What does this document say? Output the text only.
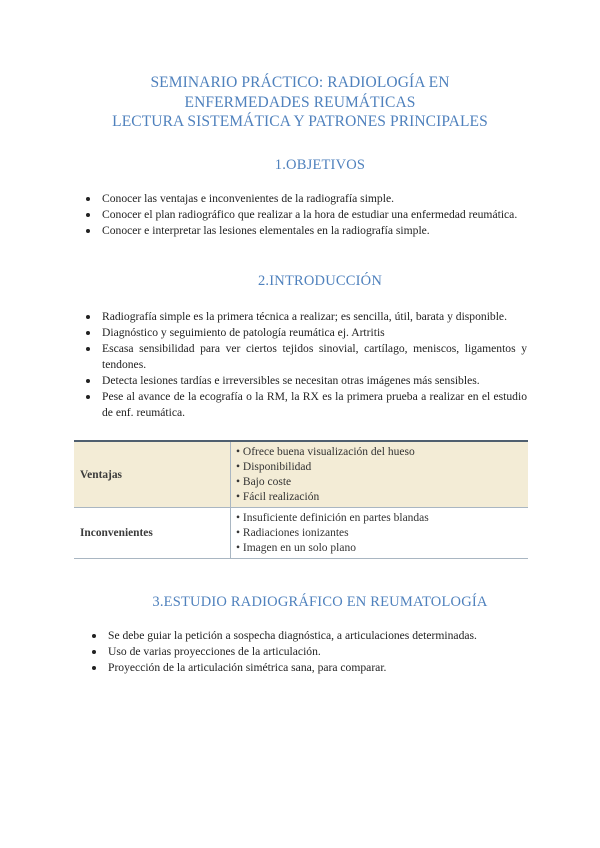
SEMINARIO PRÁCTICO: RADIOLOGÍA EN
ENFERMEDADES REUMÁTICAS
LECTURA SISTEMÁTICA Y PATRONES PRINCIPALES
1.OBJETIVOS
Conocer las ventajas e inconvenientes de la radiografía simple.
Conocer el plan radiográfico que realizar a la hora de estudiar una enfermedad reumática.
Conocer e interpretar las lesiones elementales en la radiografía simple.
2.INTRODUCCIÓN
Radiografía simple es la primera técnica a realizar; es sencilla, útil, barata y disponible.
Diagnóstico y seguimiento de patología reumática ej. Artritis
Escasa sensibilidad para ver ciertos tejidos sinovial, cartílago, meniscos, ligamentos y tendones.
Detecta lesiones tardías e irreversibles se necesitan otras imágenes más sensibles.
Pese al avance de la ecografía o la RM, la RX es la primera prueba a realizar en el estudio de enf. reumática.
Ventajas
• Ofrece buena visualización del hueso
• Disponibilidad
• Bajo coste
• Fácil realización
Inconvenientes
• Insuficiente definición en partes blandas
• Radiaciones ionizantes
• Imagen en un solo plano
3.ESTUDIO RADIOGRÁFICO EN REUMATOLOGÍA
Se debe guiar la petición a sospecha diagnóstica, a articulaciones determinadas.
Uso de varias proyecciones de la articulación.
Proyección de la articulación simétrica sana, para comparar.
